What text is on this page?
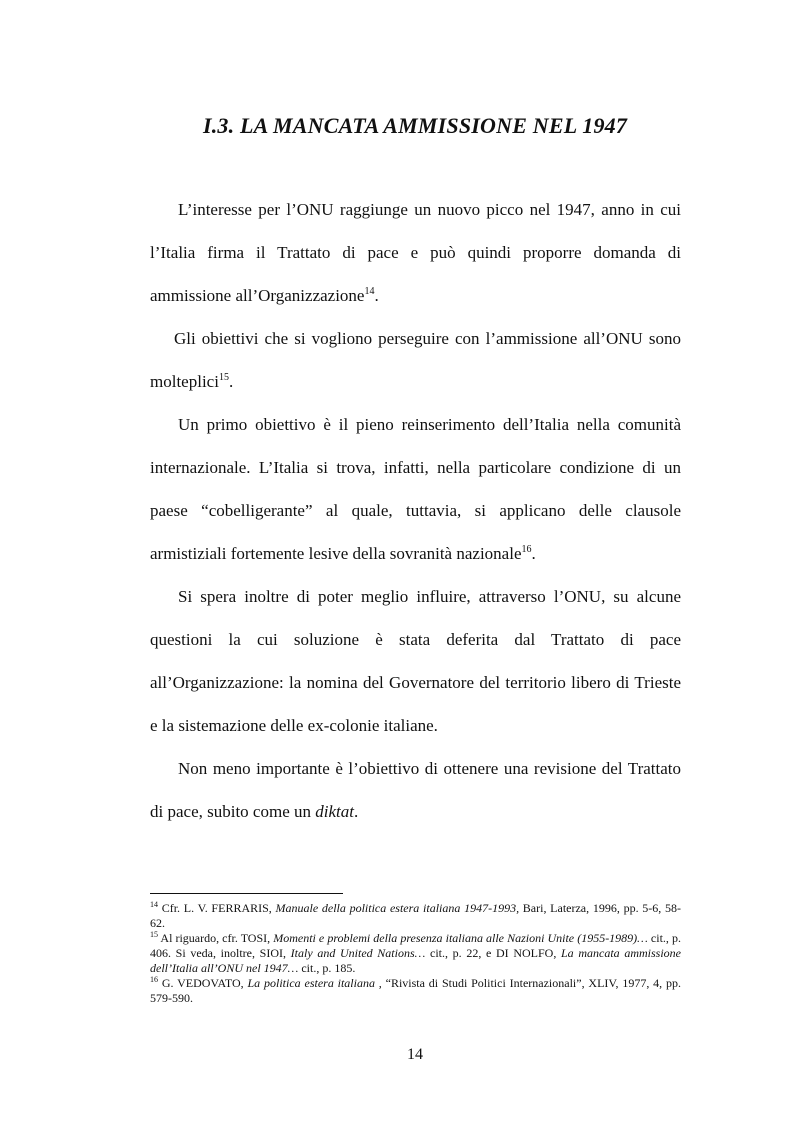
I.3. LA MANCATA AMMISSIONE NEL 1947

L’interesse per l’ONU raggiunge un nuovo picco nel 1947, anno in cui l’Italia firma il Trattato di pace e può quindi proporre domanda di ammissione all’Organizzazione$^{14}$.

Gli obiettivi che si vogliono perseguire con l’ammissione all’ONU sono molteplici$^{15}$.

Un primo obiettivo è il pieno reinserimento dell’Italia nella comunità internazionale. L’Italia si trova, infatti, nella particolare condizione di un paese “cobelligerante” al quale, tuttavia, si applicano delle clausole armistiziali fortemente lesive della sovranità nazionale$^{16}$.

Si spera inoltre di poter meglio influire, attraverso l’ONU, su alcune questioni la cui soluzione è stata deferita dal Trattato di pace all’Organizzazione: la nomina del Governatore del territorio libero di Trieste e la sistemazione delle ex-colonie italiane.

Non meno importante è l’obiettivo di ottenere una revisione del Trattato di pace, subito come un diktat.

$^{14}$ Cfr. L. V. FERRARIS, Manuale della politica estera italiana 1947-1993, Bari, Laterza, 1996, pp. 5-6, 58-62.

$^{15}$ Al riguardo, cfr. TOSI, Momenti e problemi della presenza italiana alle Nazioni Unite (1955-1989)… cit., p. 406. Si veda, inoltre, SIOI, Italy and United Nations… cit., p. 22, e DI NOLFO, La mancata ammissione dell’Italia all’ONU nel 1947… cit., p. 185.

$^{16}$ G. VEDOVATO, La politica estera italiana , “Rivista di Studi Politici Internazionali”, XLIV, 1977, 4, pp. 579-590.

14
